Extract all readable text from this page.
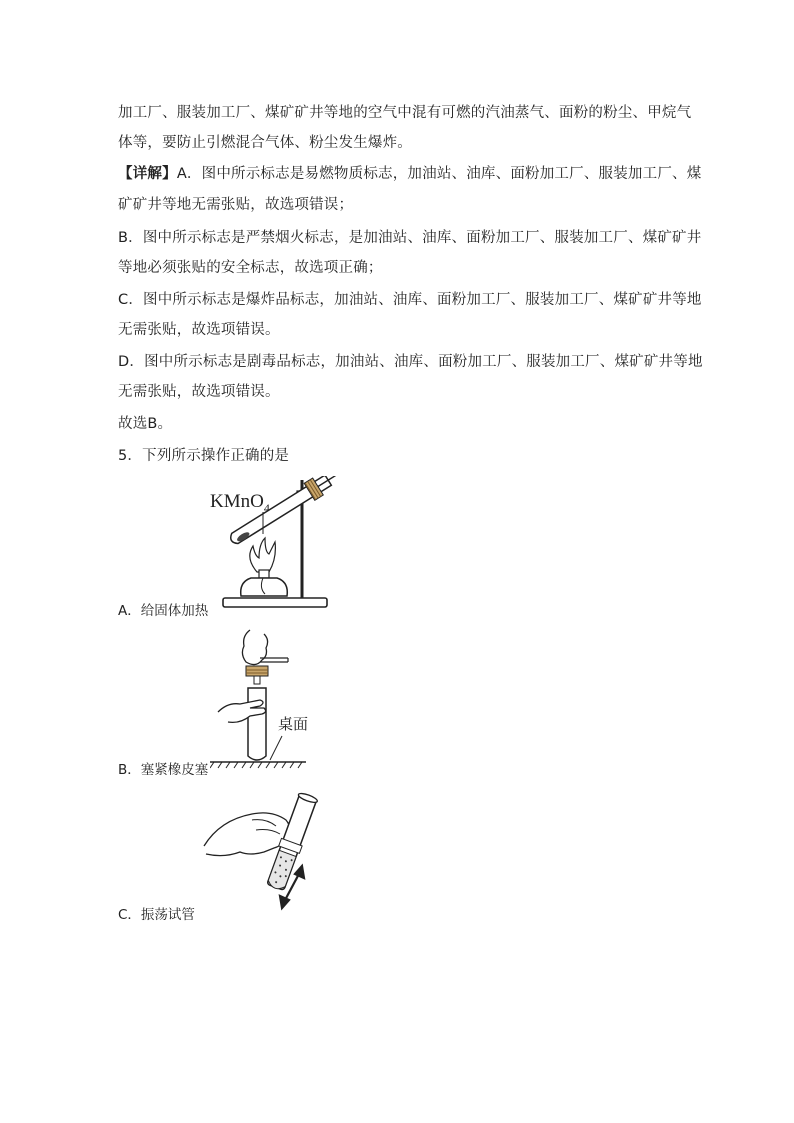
加工厂、服装加工厂、煤矿矿井等地的空气中混有可燃的汽油蒸气、面粉的粉尘、甲烷气
体等，要防止引燃混合气体、粉尘发生爆炸。
【详解】A．图中所示标志是易燃物质标志，加油站、油库、面粉加工厂、服装加工厂、煤
矿矿井等地无需张贴，故选项错误；
B．图中所示标志是严禁烟火标志，是加油站、油库、面粉加工厂、服装加工厂、煤矿矿井
等地必须张贴的安全标志，故选项正确；
C．图中所示标志是爆炸品标志，加油站、油库、面粉加工厂、服装加工厂、煤矿矿井等地
无需张贴，故选项错误。
D．图中所示标志是剧毒品标志，加油站、油库、面粉加工厂、服装加工厂、煤矿矿井等地
无需张贴，故选项错误。
故选B。
5．下列所示操作正确的是
KMnO$_4$
A．给固体加热
桌面
B．塞紧橡皮塞
C．振荡试管
